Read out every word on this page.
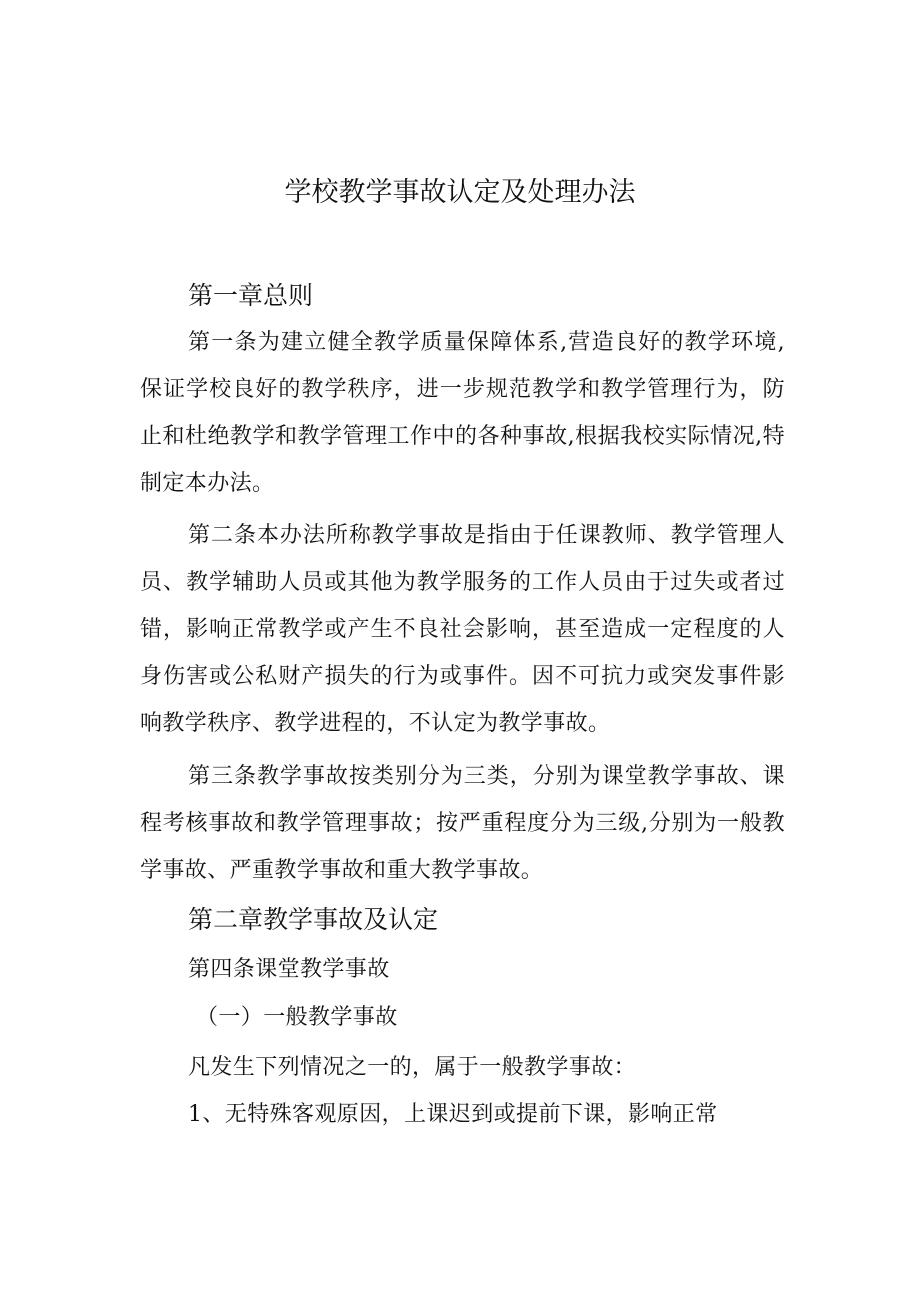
学校教学事故认定及处理办法
第一章总则

第一条为建立健全教学质量保障体系,营造良好的教学环境,保证学校良好的教学秩序，进一步规范教学和教学管理行为，防止和杜绝教学和教学管理工作中的各种事故,根据我校实际情况,特制定本办法。

第二条本办法所称教学事故是指由于任课教师、教学管理人员、教学辅助人员或其他为教学服务的工作人员由于过失或者过错，影响正常教学或产生不良社会影响，甚至造成一定程度的人身伤害或公私财产损失的行为或事件。因不可抗力或突发事件影响教学秩序、教学进程的，不认定为教学事故。

第三条教学事故按类别分为三类，分别为课堂教学事故、课程考核事故和教学管理事故；按严重程度分为三级,分别为一般教学事故、严重教学事故和重大教学事故。

第二章教学事故及认定
第四条课堂教学事故
（一）一般教学事故
凡发生下列情况之一的，属于一般教学事故：
1、无特殊客观原因，上课迟到或提前下课，影响正常
